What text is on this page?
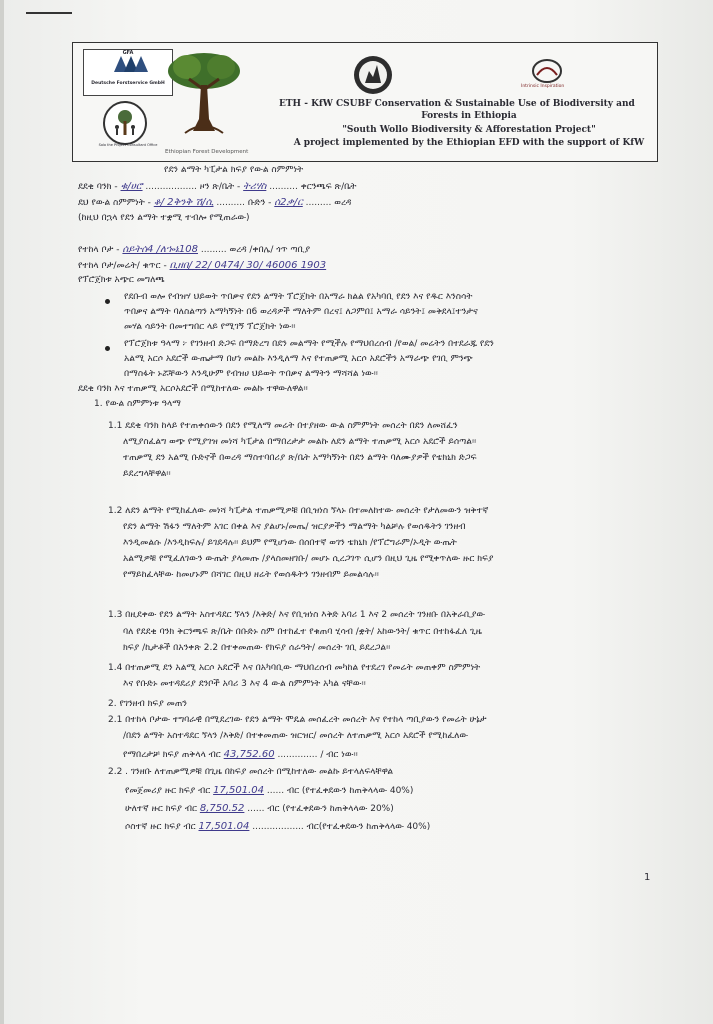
GFA
Deutsche Forstservice GmbH
Solo the Project Consultant Office
Ethiopian Forest Development
Intrinsic Inspiration
ETH - KfW CSUBF Conservation & Sustainable Use of Biodiversity and
Forests in Ethiopia
"South Wollo Biodiversity & Afforestation Project"
A project implemented by the Ethiopian EFD with the support of KfW
የደን ልማት ካፒታል ክፍያ የውል ስምምነት
ደደቂ ባንክ - ቁ/ሀሮ .................. ዞን ጽ/ቤት - ትሪሃስ .......... ቀርንጫፍ ጽ/ቤት
ደህ የውል ስምምነት - ቆ/ 2ቅንቅ ሽ/ሲ .......... ቡድን - ሰ2ቃ/ር ......... ወረዳ
(ከዚህ በኋላ የደን ልማት ተቋሚ ተብሎ የሚጠራው)
የተከላ ቦታ - ሰይትሰ4 /ለኈኔ108 ......... ወረዳ /ቀበሌ/ ጎጥ ጣቢያ
የተከላ ቦታ/መሬት/ ቁጥር - ቢዘበ/ 22/ 0474/ 30/ 46006 1903
የፕሮጀክቱ አጭር መግለጫ
የደቡብ ወሎ የብዝሃ ህይወት ጥበቃና የደን ልማት ፕሮጀክት በአማራ ክልል የአካባቢ የደን እና የዱር እንስሳት
ጥበቃና ልማት ባለስልጣን አማካኝነት በ6 ወረዳዎች ማለትም በረና፤ ለጋምበ፤ አማራ ሳይንት፤ መቅደላ፤ተንታና
መሃል ሳይንት በመተግበር ላይ የሚገኝ ፕሮጀክት ነው፡፡
የፕሮጀክቱ ዓላማ ፦ የገንዘብ ድጋፍ በማድረግ በደን መልማት የሚችሉ የማህበረሰብ /የወል/ መሬትን በተደራጁ የደን
አልሚ አርሶ አደሮች ውጤታማ በሆነ መልኩ እንዲለማ እና የተጠቃሚ አርሶ አደሮችን አማራጭ የገቢ ምንጭ
በማስፋት ኑሯቸውን እንዲሁም የብዝሀ ህይወት ጥበቃና ልማትን ማሻሻል ነው፡፡
ደደቂ ባንክ እና ተጠቃሚ አርሶአደሮች በሚከተለው መልኩ ተዋውለዋል፡፡
1. የውል ስምምነቱ ዓላማ
1.1 ደደቂ ባንክ ከላይ የተጠቀሰውን በደን የሚለማ መሬት በተያዘው ውል ስምምነት መሰረት በደን ለመሸፈን
ለሚያስፈልግ ወጭ የሚያገዝ መነሻ ካፒታል በማበረታታ መልኩ ለደን ልማት ተጠቃሚ አርሶ አደሮች ይሰጣል፡፡
ተጠቃሚ ደን አልሚ ቡድኖች በወረዳ ማስተባበሪያ ጽ/ቤት አማካኝነት በደን ልማት ባለሙያዎች የቴክኒክ ድጋፍ
ይደረግላቸዋል፡፡
1.2 ለደን ልማት የሚከፈለው መነሻ ካፒታል ተጠቃሚዎቹ በቢዝነስ ኘላኑ በተመለከተው መሰረት የታለመውን ዝቅተኛ
የደን ልማት ሽፋን ማለትም አገር በቀል እና ያልሆኑ/መጤ/ ዝርያዎችን ማልማት ካልቻሉ የወሰዱትን ገንዘብ
እንዲመልሱ /እንዲከፍሉ/ ይገደዳሉ፡፡ ይህም የሚሆነው በሰበተኛ ወገን ቴክኒክ /የፕሮግራም/ኦዲት ውጤት
አልሚዎቹ የሚፈለገውን ውጤት ያላመጡ /ያላስመዘገቡ/ መሆኑ ሲረጋገጥ ሲሆን በዚህ ጊዜ የሚቀጥለው ዙር ክፍያ
የማይከፈላቸው ከመሆኑም በሻገር በዚህ ዘሬት የወሰዱትን ገንዘብም ይመልሳሉ፡፡
1.3 በዚደቀው የደን ልማት አስተዳደር ኘላን /እቅድ/ እና የቢዝነስ እቅድ አባሪ 1 እና 2 መሰረት ገንዘቡ በአቅራቢያው
ባለ የደደቂ ባንክ ቅርንጫፍ ጽ/ቤት በቡድኑ ስም በተከፈተ የቁጠባ ሂሳብ /ቋት/ አከውንት/ ቁጥር በተከፋፈለ ጊዜ
ክፍያ /ኪታቶች በአንቀጽ 2.2 በተቀመጠው የክፍያ ሰራዓት/ መሰረት ገቢ ይደረጋል፡፡
1.4 በተጠቃሚ ደን አልሚ አርሶ አደሮች እና በአካባቢው ማህበረሰብ መካከል የተደረገ የመሬት መጠቀም ስምምነት
እና የቡድኑ መተዳደሪያ ደንቦች አባሪ 3 እና 4 ውል ስምምነት አካል ናቸው፡፡
2. የገንዘብ ክፍያ መጠን
2.1 በተከላ ቦታው ተግባራዊ በሚደረገው የደን ልማት ሞዴል መሰፈረት መሰረት እና የተከላ ጣቢያውን የመሬት ሁኔታ
/በደን ልማት አስተዳደር ኘላን /እቅድ/ በተቀመጠው ዝርዝር/ መሰረት ለተጠቃሚ አርሶ አደሮች የሚከፈለው
የማበረታቻ ክፍያ ጠቅላላ ብር 43,752.60 .............. / ብር ነው፡፡
2.2 . ገንዘቡ ለተጠቃሚዎቹ በጊዜ በከፍያ መሰረት በሚከተለው መልኩ ይተላለፍላቸዋል
የመጀመሪያ ዙር ክፍያ ብር 17,501.04 ...... ብር (የተፈቀደውን ከጠቅላላው 40%)
ሁለተኛ ዙር ክፍያ ብር 8,750.52 ...... ብር (የተፈቀደውን ከጠቅላላው 20%)
ሶስተኛ ዙር ክፍያ ብር 17,501.04 .................. ብር(የተፈቀደውን ከጠቅላላው 40%)
1
